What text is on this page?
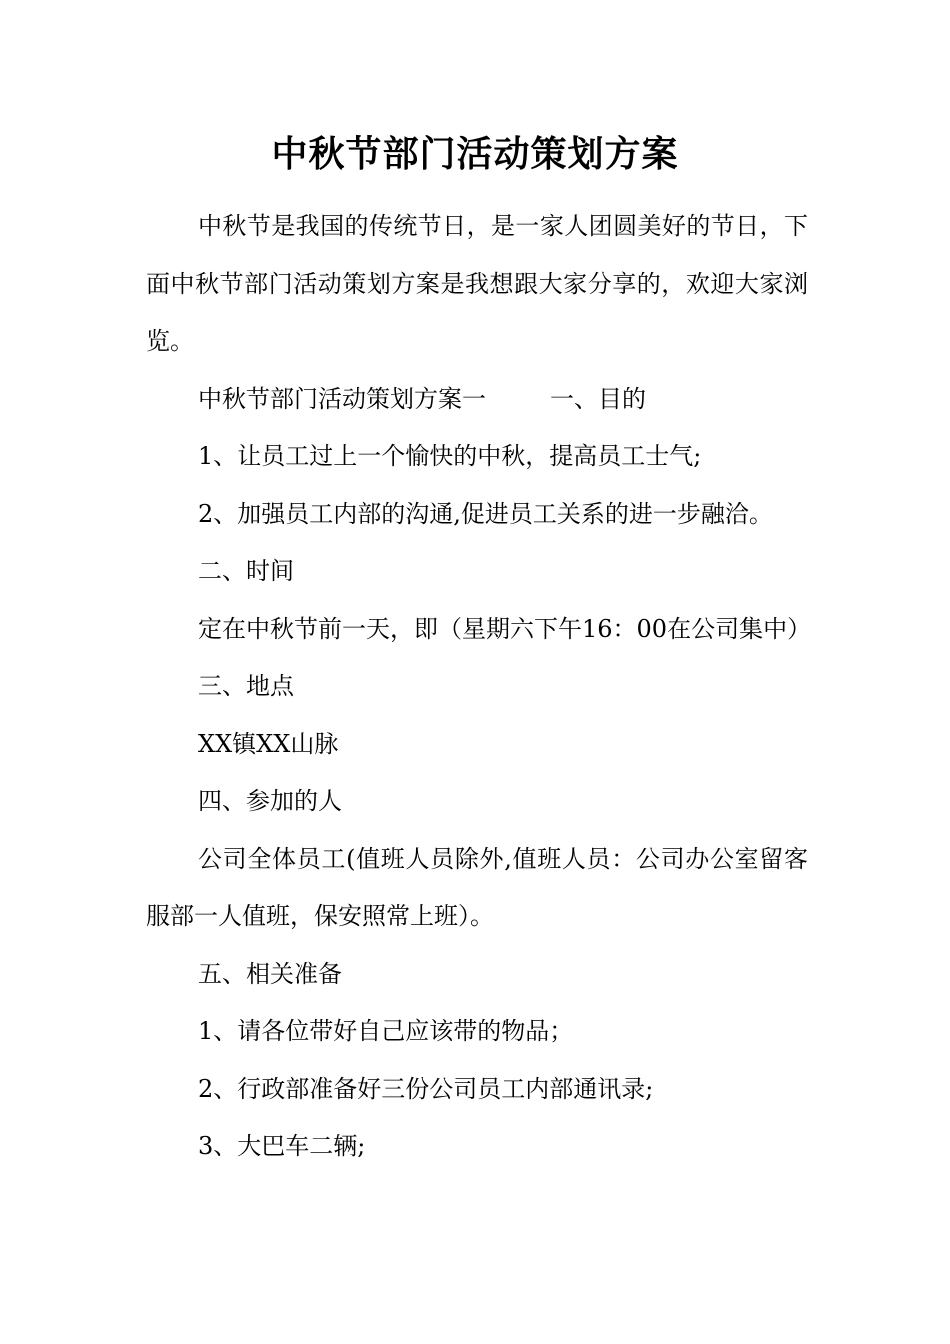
中秋节部门活动策划方案

中秋节是我国的传统节日，是一家人团圆美好的节日，下面中秋节部门活动策划方案是我想跟大家分享的，欢迎大家浏览。

中秋节部门活动策划方案一	一、目的

1、让员工过上一个愉快的中秋，提高员工士气;

2、加强员工内部的沟通,促进员工关系的进一步融洽。

二、时间

定在中秋节前一天，即（星期六下午16：00在公司集中）

三、地点

XX镇XX山脉

四、参加的人

公司全体员工(值班人员除外,值班人员：公司办公室留客服部一人值班，保安照常上班）。

五、相关准备

1、请各位带好自己应该带的物品；

2、行政部准备好三份公司员工内部通讯录;

3、大巴车二辆;
